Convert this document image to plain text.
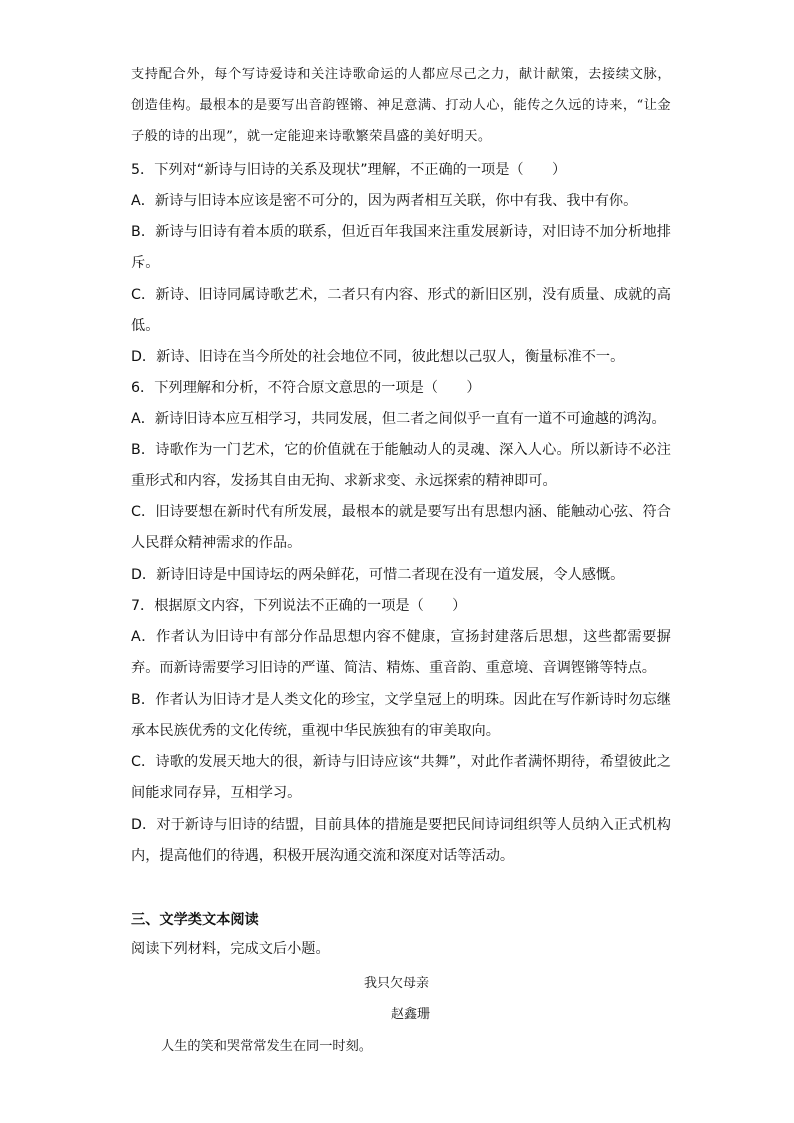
支持配合外，每个写诗爱诗和关注诗歌命运的人都应尽己之力，献计献策，去接续文脉，创造佳构。最根本的是要写出音韵铿锵、神足意满、打动人心，能传之久远的诗来，“让金子般的诗的出现”，就一定能迎来诗歌繁荣昌盛的美好明天。

5．下列对“新诗与旧诗的关系及现状”理解，不正确的一项是（　　）

A．新诗与旧诗本应该是密不可分的，因为两者相互关联，你中有我、我中有你。

B．新诗与旧诗有着本质的联系，但近百年我国来注重发展新诗，对旧诗不加分析地排斥。

C．新诗、旧诗同属诗歌艺术，二者只有内容、形式的新旧区别，没有质量、成就的高低。

D．新诗、旧诗在当今所处的社会地位不同，彼此想以己驭人，衡量标准不一。

6．下列理解和分析，不符合原文意思的一项是（　　）

A．新诗旧诗本应互相学习，共同发展，但二者之间似乎一直有一道不可逾越的鸿沟。

B．诗歌作为一门艺术，它的价值就在于能触动人的灵魂、深入人心。所以新诗不必注重形式和内容，发扬其自由无拘、求新求变、永远探索的精神即可。

C．旧诗要想在新时代有所发展，最根本的就是要写出有思想内涵、能触动心弦、符合人民群众精神需求的作品。

D．新诗旧诗是中国诗坛的两朵鲜花，可惜二者现在没有一道发展，令人感慨。

7．根据原文内容，下列说法不正确的一项是（　　）

A．作者认为旧诗中有部分作品思想内容不健康，宣扬封建落后思想，这些都需要摒弃。而新诗需要学习旧诗的严谨、简洁、精炼、重音韵、重意境、音调铿锵等特点。

B．作者认为旧诗才是人类文化的珍宝，文学皇冠上的明珠。因此在写作新诗时勿忘继承本民族优秀的文化传统，重视中华民族独有的审美取向。

C．诗歌的发展天地大的很，新诗与旧诗应该“共舞”，对此作者满怀期待，希望彼此之间能求同存异，互相学习。

D．对于新诗与旧诗的结盟，目前具体的措施是要把民间诗词组织等人员纳入正式机构内，提高他们的待遇，积极开展沟通交流和深度对话等活动。

三、文学类文本阅读
阅读下列材料，完成文后小题。
我只欠母亲
赵鑫珊
人生的笑和哭常常发生在同一时刻。
